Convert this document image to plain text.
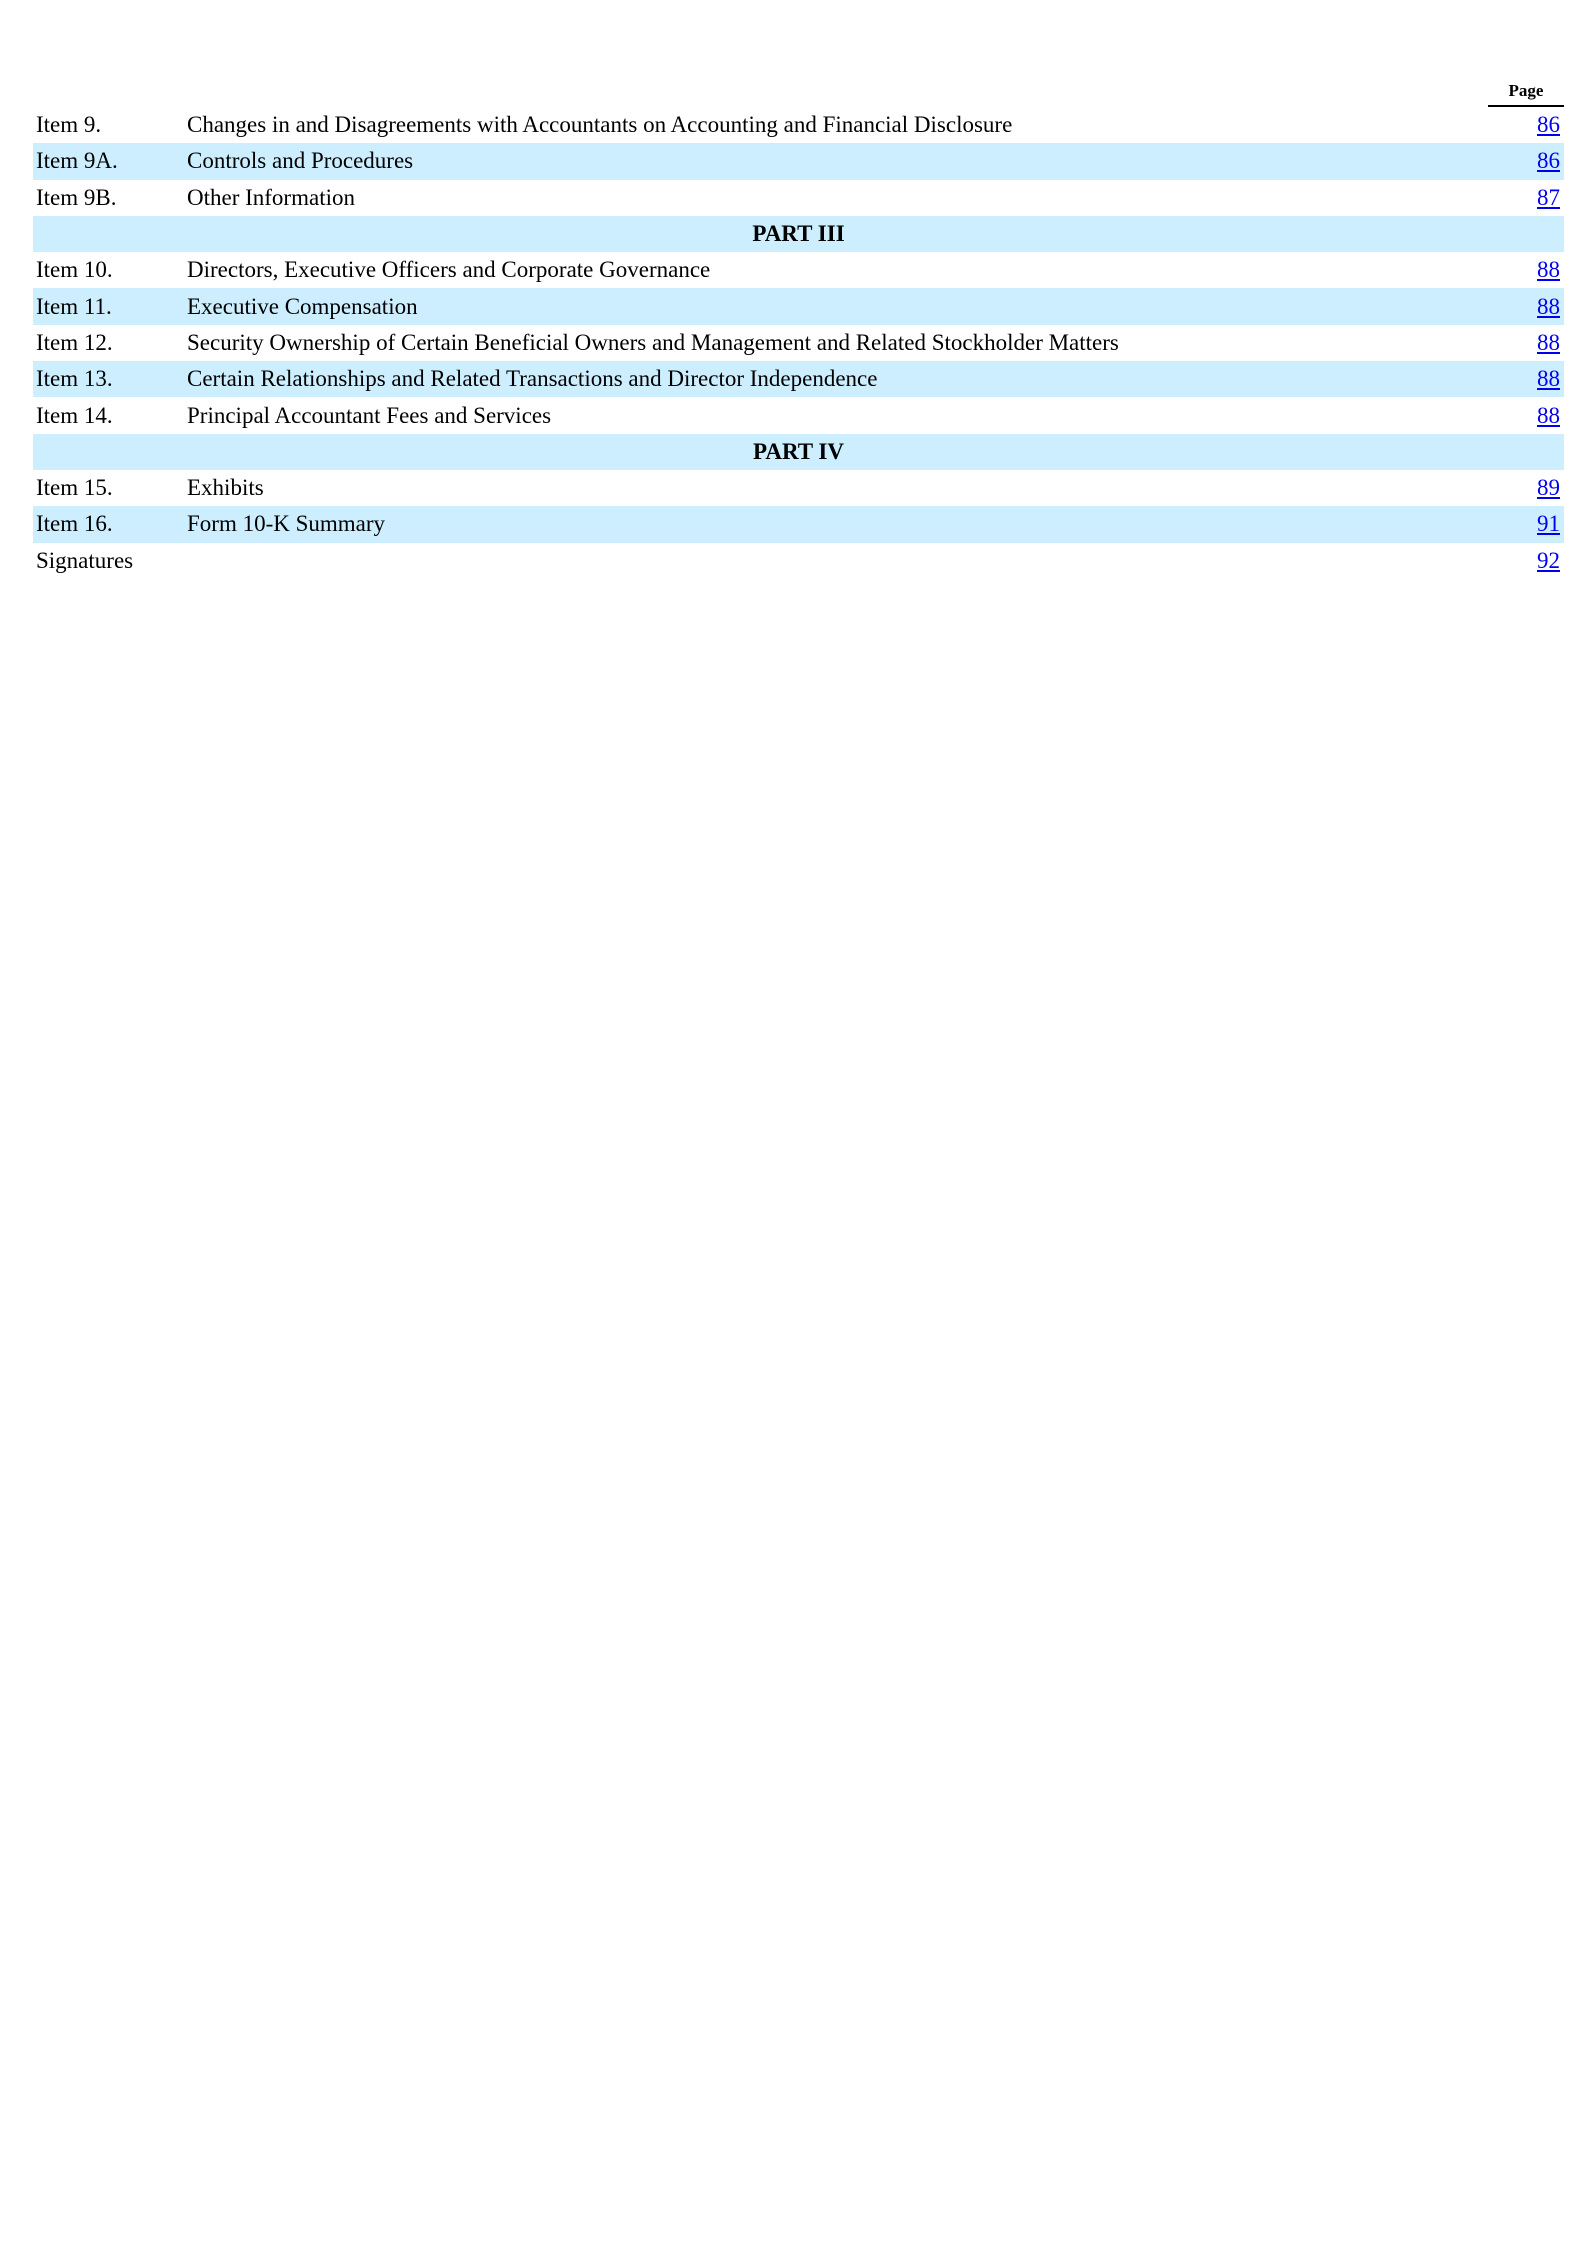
Page
Item 9.	Changes in and Disagreements with Accountants on Accounting and Financial Disclosure	86
Item 9A.	Controls and Procedures	86
Item 9B.	Other Information	87
PART III
Item 10.	Directors, Executive Officers and Corporate Governance	88
Item 11.	Executive Compensation	88
Item 12.	Security Ownership of Certain Beneficial Owners and Management and Related Stockholder Matters	88
Item 13.	Certain Relationships and Related Transactions and Director Independence	88
Item 14.	Principal Accountant Fees and Services	88
PART IV
Item 15.	Exhibits	89
Item 16.	Form 10-K Summary	91
Signatures	92
